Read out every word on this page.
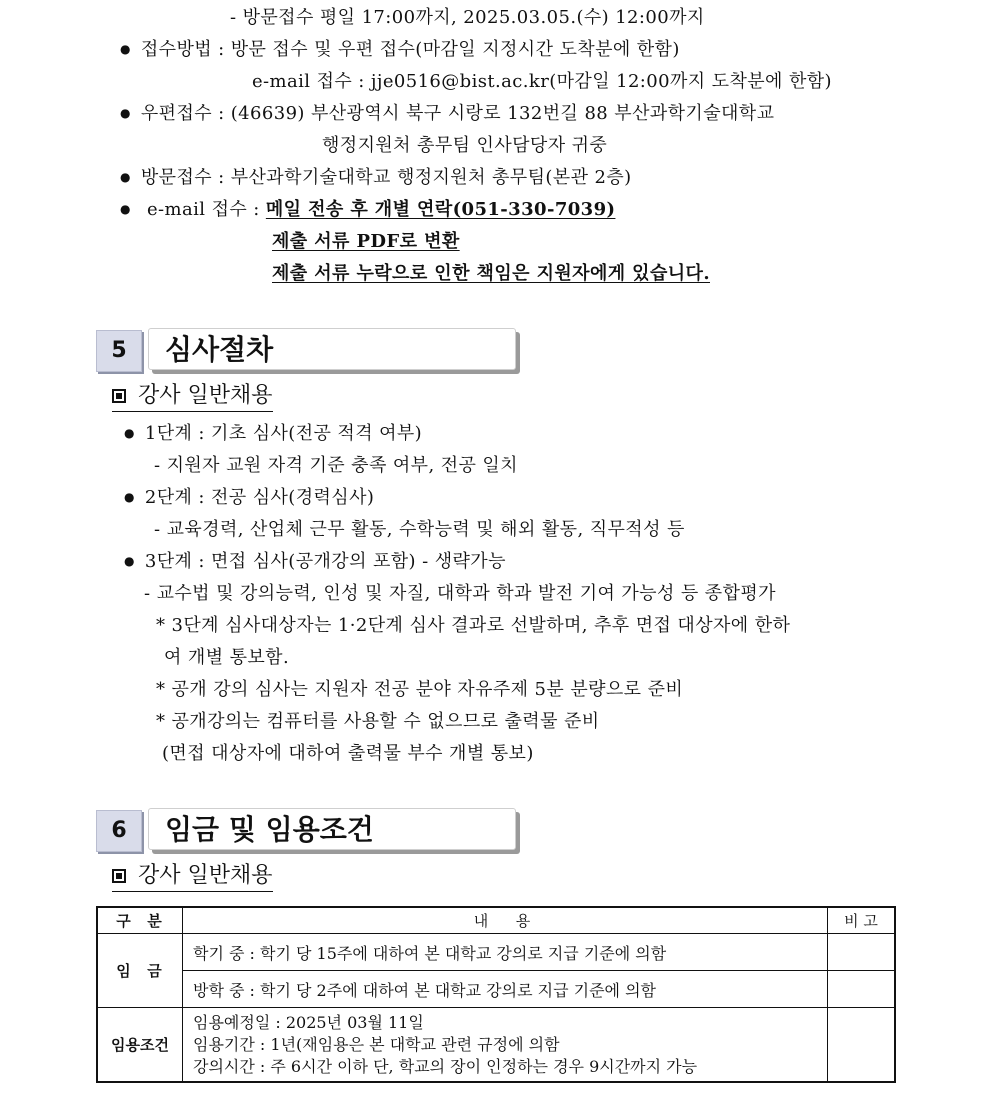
- 방문접수 평일 17:00까지, 2025.03.05.(수) 12:00까지
● 접수방법 : 방문 접수 및 우편 접수(마감일 지정시간 도착분에 한함)
e-mail 접수 : jje0516@bist.ac.kr(마감일 12:00까지 도착분에 한함)
● 우편접수 : (46639) 부산광역시 북구 시랑로 132번길 88 부산과학기술대학교
행정지원처 총무팀 인사담당자 귀중
● 방문접수 : 부산과학기술대학교 행정지원처 총무팀(본관 2층)
● e-mail 접수 : 메일 전송 후 개별 연락(051-330-7039)
제출 서류 PDF로 변환
제출 서류 누락으로 인한 책임은 지원자에게 있습니다.
5	심사절차
강사 일반채용
● 1단계 : 기초 심사(전공 적격 여부)
- 지원자 교원 자격 기준 충족 여부, 전공 일치
● 2단계 : 전공 심사(경력심사)
- 교육경력, 산업체 근무 활동, 수학능력 및 해외 활동, 직무적성 등
● 3단계 : 면접 심사(공개강의 포함) - 생략가능
- 교수법 및 강의능력, 인성 및 자질, 대학과 학과 발전 기여 가능성 등 종합평가
* 3단계 심사대상자는 1·2단계 심사 결과로 선발하며, 추후 면접 대상자에 한하
여 개별 통보함.
* 공개 강의 심사는 지원자 전공 분야 자유주제 5분 분량으로 준비
* 공개강의는 컴퓨터를 사용할 수 없으므로 출력물 준비
(면접 대상자에 대하여 출력물 부수 개별 통보)
6	임금 및 임용조건
강사 일반채용
구  분	내  용	비 고
임  금	학기 중 : 학기 당 15주에 대하여 본 대학교 강의로 지급 기준에 의함	
	방학 중 : 학기 당 2주에 대하여 본 대학교 강의로 지급 기준에 의함	
임용조건	임용예정일 : 2025년 03월 11일
임용기간 : 1년(재임용은 본 대학교 관련 규정에 의함
강의시간 : 주 6시간 이하 단, 학교의 장이 인정하는 경우 9시간까지 가능	
